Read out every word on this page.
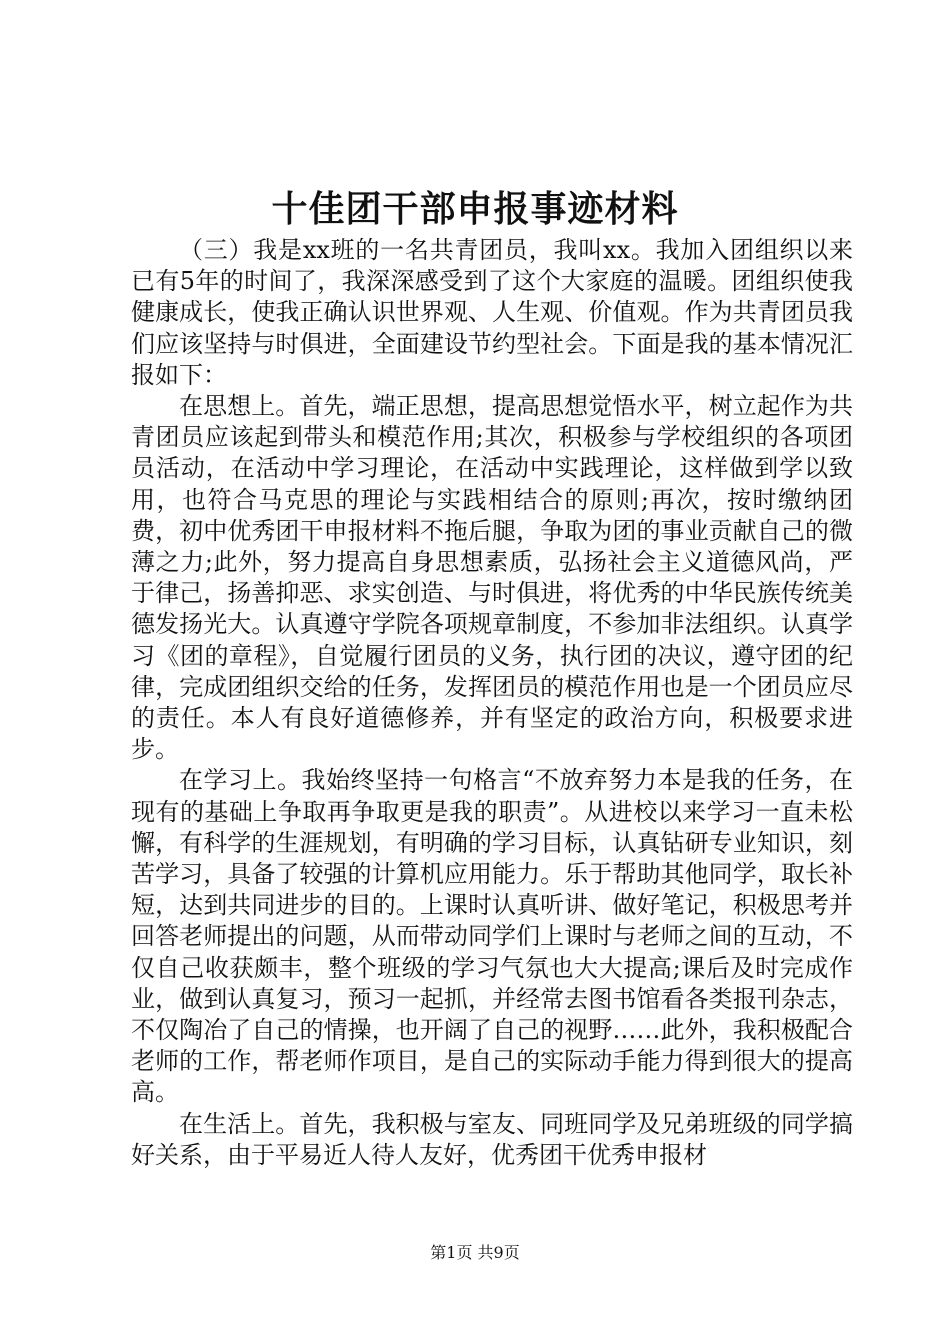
十佳团干部申报事迹材料

（三）我是xx班的一名共青团员，我叫xx。我加入团组织以来已有5年的时间了，我深深感受到了这个大家庭的温暖。团组织使我健康成长，使我正确认识世界观、人生观、价值观。作为共青团员我们应该坚持与时俱进，全面建设节约型社会。下面是我的基本情况汇报如下：

在思想上。首先，端正思想，提高思想觉悟水平，树立起作为共青团员应该起到带头和模范作用;其次，积极参与学校组织的各项团员活动，在活动中学习理论，在活动中实践理论，这样做到学以致用，也符合马克思的理论与实践相结合的原则;再次，按时缴纳团费，初中优秀团干申报材料不拖后腿，争取为团的事业贡献自己的微薄之力;此外，努力提高自身思想素质，弘扬社会主义道德风尚，严于律己，扬善抑恶、求实创造、与时俱进，将优秀的中华民族传统美德发扬光大。认真遵守学院各项规章制度，不参加非法组织。认真学习《团的章程》，自觉履行团员的义务，执行团的决议，遵守团的纪律，完成团组织交给的任务，发挥团员的模范作用也是一个团员应尽的责任。本人有良好道德修养，并有坚定的政治方向，积极要求进步。

在学习上。我始终坚持一句格言“不放弃努力本是我的任务，在现有的基础上争取再争取更是我的职责”。从进校以来学习一直未松懈，有科学的生涯规划，有明确的学习目标，认真钻研专业知识，刻苦学习，具备了较强的计算机应用能力。乐于帮助其他同学，取长补短，达到共同进步的目的。上课时认真听讲、做好笔记，积极思考并回答老师提出的问题，从而带动同学们上课时与老师之间的互动，不仅自己收获颇丰，整个班级的学习气氛也大大提高;课后及时完成作业，做到认真复习，预习一起抓，并经常去图书馆看各类报刊杂志，不仅陶冶了自己的情操，也开阔了自己的视野……此外，我积极配合老师的工作，帮老师作项目，是自己的实际动手能力得到很大的提高高。

在生活上。首先，我积极与室友、同班同学及兄弟班级的同学搞好关系，由于平易近人待人友好，优秀团干优秀申报材

第1页 共9页
